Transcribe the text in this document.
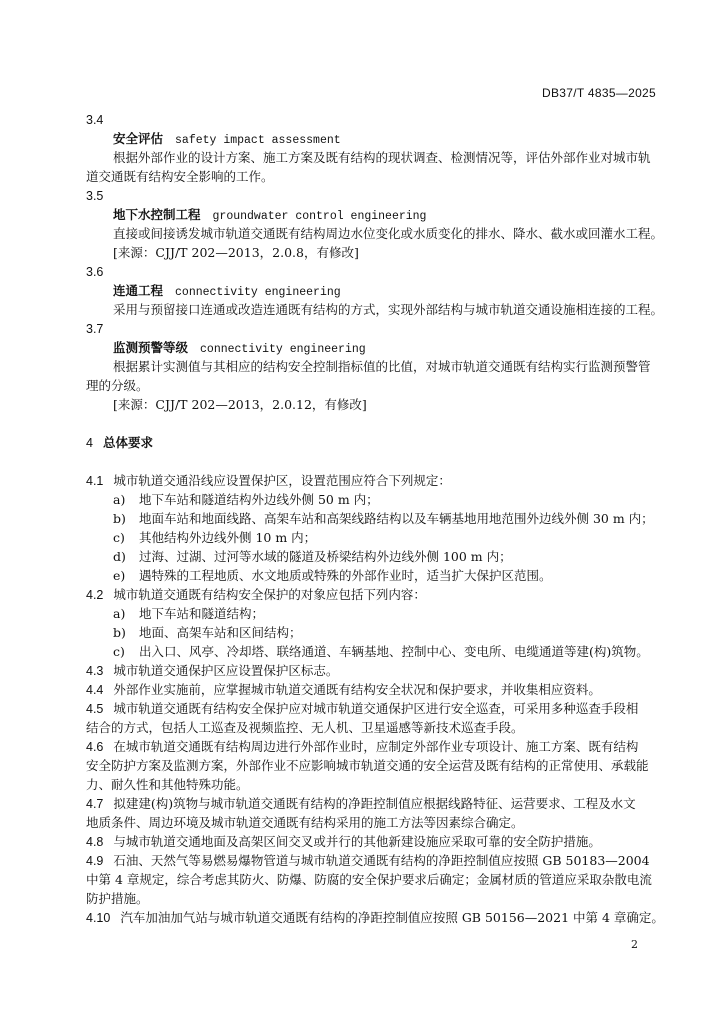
DB37/T 4835—2025
3.4
安全评估 safety impact assessment
根据外部作业的设计方案、施工方案及既有结构的现状调查、检测情况等，评估外部作业对城市轨
道交通既有结构安全影响的工作。
3.5
地下水控制工程 groundwater control engineering
直接或间接诱发城市轨道交通既有结构周边水位变化或水质变化的排水、降水、截水或回灌水工程。
[来源：CJJ/T 202—2013，2.0.8，有修改]
3.6
连通工程 connectivity engineering
采用与预留接口连通或改造连通既有结构的方式，实现外部结构与城市轨道交通设施相连接的工程。
3.7
监测预警等级 connectivity engineering
根据累计实测值与其相应的结构安全控制指标值的比值，对城市轨道交通既有结构实行监测预警管
理的分级。
[来源：CJJ/T 202—2013，2.0.12，有修改]
4 总体要求
4.1 城市轨道交通沿线应设置保护区，设置范围应符合下列规定：
a) 地下车站和隧道结构外边线外侧 50 m 内；
b) 地面车站和地面线路、高架车站和高架线路结构以及车辆基地用地范围外边线外侧 30 m 内；
c) 其他结构外边线外侧 10 m 内；
d) 过海、过湖、过河等水域的隧道及桥梁结构外边线外侧 100 m 内；
e) 遇特殊的工程地质、水文地质或特殊的外部作业时，适当扩大保护区范围。
4.2 城市轨道交通既有结构安全保护的对象应包括下列内容：
a) 地下车站和隧道结构；
b) 地面、高架车站和区间结构；
c) 出入口、风亭、冷却塔、联络通道、车辆基地、控制中心、变电所、电缆通道等建(构)筑物。
4.3 城市轨道交通保护区应设置保护区标志。
4.4 外部作业实施前，应掌握城市轨道交通既有结构安全状况和保护要求，并收集相应资料。
4.5 城市轨道交通既有结构安全保护应对城市轨道交通保护区进行安全巡查，可采用多种巡查手段相
结合的方式，包括人工巡查及视频监控、无人机、卫星遥感等新技术巡查手段。
4.6 在城市轨道交通既有结构周边进行外部作业时，应制定外部作业专项设计、施工方案、既有结构
安全防护方案及监测方案，外部作业不应影响城市轨道交通的安全运营及既有结构的正常使用、承载能
力、耐久性和其他特殊功能。
4.7 拟建建(构)筑物与城市轨道交通既有结构的净距控制值应根据线路特征、运营要求、工程及水文
地质条件、周边环境及城市轨道交通既有结构采用的施工方法等因素综合确定。
4.8 与城市轨道交通地面及高架区间交叉或并行的其他新建设施应采取可靠的安全防护措施。
4.9 石油、天然气等易燃易爆物管道与城市轨道交通既有结构的净距控制值应按照 GB 50183—2004
中第 4 章规定，综合考虑其防火、防爆、防腐的安全保护要求后确定；金属材质的管道应采取杂散电流
防护措施。
4.10 汽车加油加气站与城市轨道交通既有结构的净距控制值应按照 GB 50156—2021 中第 4 章确定。
2
